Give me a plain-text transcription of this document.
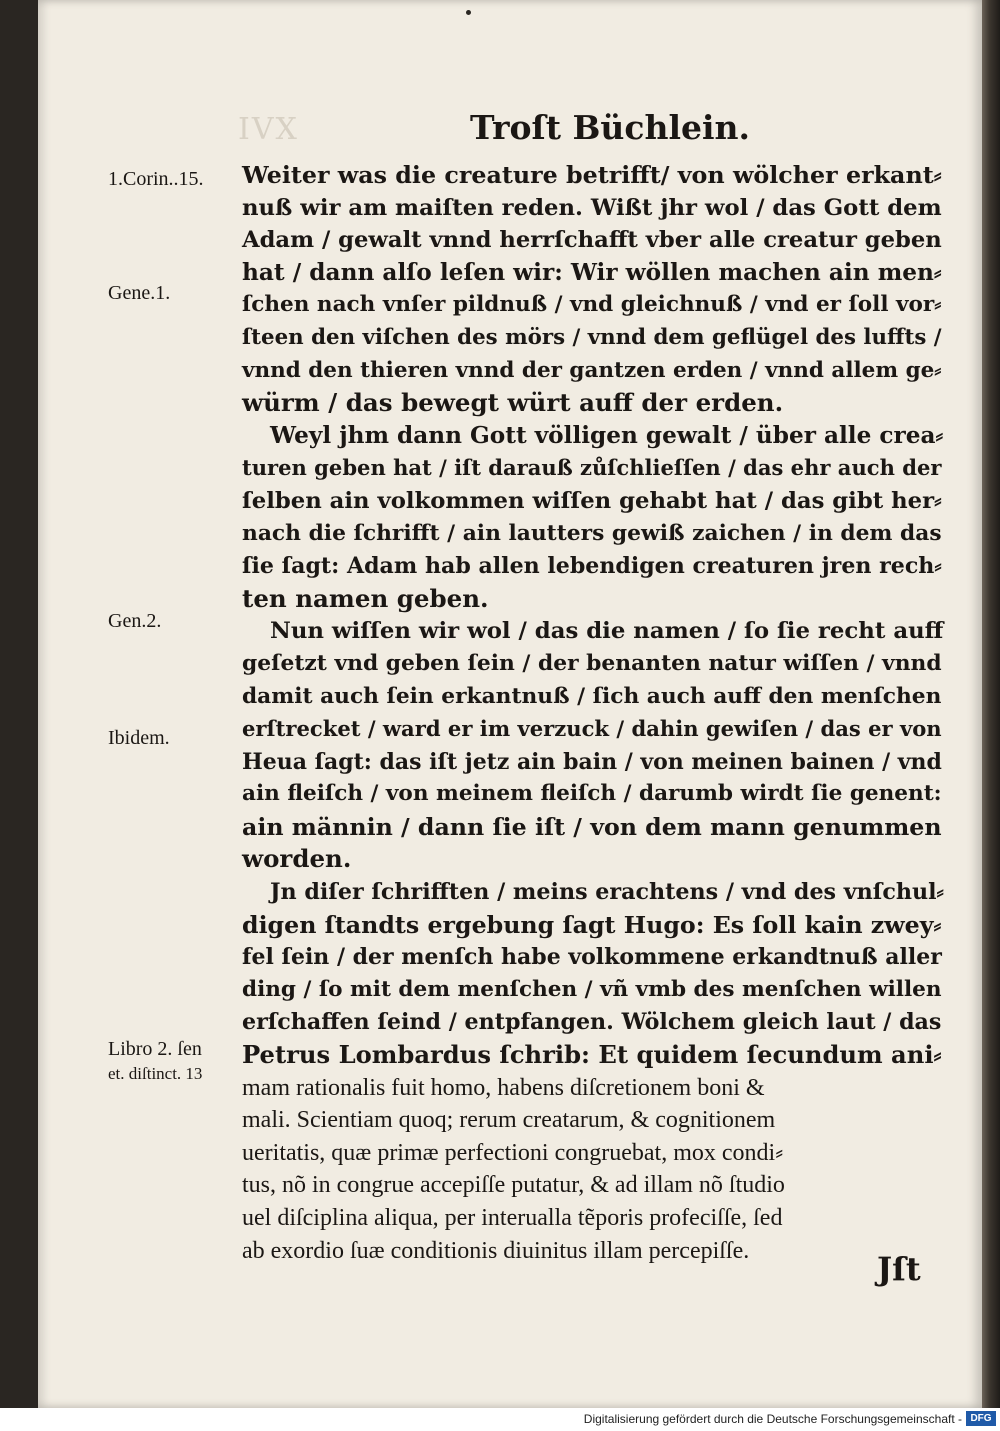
IVX	Troſt Büchlein.
1.Corin..15.
Gene.1.
Gen.2.
Ibidem.
Libro 2. ſen
et. diſtinct. 13
Weiter was die creature betrifft/ von wölcher erkant⸗
nuß wir am maiſten reden. Wißt jhr wol / das Gott dem
Adam / gewalt vnnd herrſchafft vber alle creatur geben
hat / dann alſo leſen wir: Wir wöllen machen ain men⸗
ſchen nach vnſer pildnuß / vnd gleichnuß / vnd er ſoll vor⸗
ſteen den viſchen des mörs / vnnd dem geflügel des luffts /
vnnd den thieren vnnd der gantzen erden / vnnd allem ge⸗
würm / das bewegt würt auff der erden.
Weyl jhm dann Gott völligen gewalt / über alle crea⸗
turen geben hat / iſt darauß zůſchlieſſen / das ehr auch der
ſelben ain volkommen wiſſen gehabt hat / das gibt her⸗
nach die ſchrifft / ain lautters gewiß zaichen / in dem das
ſie ſagt: Adam hab allen lebendigen creaturen jren rech⸗
ten namen geben.
Nun wiſſen wir wol / das die namen / ſo ſie recht auff
geſetzt vnd geben ſein / der benanten natur wiſſen / vnnd
damit auch ſein erkantnuß / ſich auch auff den menſchen
erſtrecket / ward er im verzuck / dahin gewiſen / das er von
Heua ſagt: das iſt jetz ain bain / von meinen bainen / vnd
ain fleiſch / von meinem fleiſch / darumb wirdt ſie genent:
ain männin / dann ſie iſt / von dem mann genummen
worden.
Jn diſer ſchrifften / meins erachtens / vnd des vnſchul⸗
digen ſtandts ergebung ſagt Hugo: Es ſoll kain zwey⸗
fel ſein / der menſch habe volkommene erkandtnuß aller
ding / ſo mit dem menſchen / vñ vmb des menſchen willen
erſchaffen ſeind / entpfangen. Wölchem gleich laut / das
Petrus Lombardus ſchrib: Et quidem ſecundum ani⸗
mam rationalis fuit homo, habens diſcretionem boni &
mali. Scientiam quoq; rerum creatarum, & cognitionem
ueritatis, quæ primæ perfectioni congruebat, mox condi⸗
tus, nõ in congrue accepiſſe putatur, & ad illam nõ ſtudio
uel diſciplina aliqua, per interualla tẽporis profeciſſe, ſed
ab exordio ſuæ conditionis diuinitus illam percepiſſe.	Jſt
Digitalisierung gefördert durch die Deutsche Forschungsgemeinschaft - DFG
